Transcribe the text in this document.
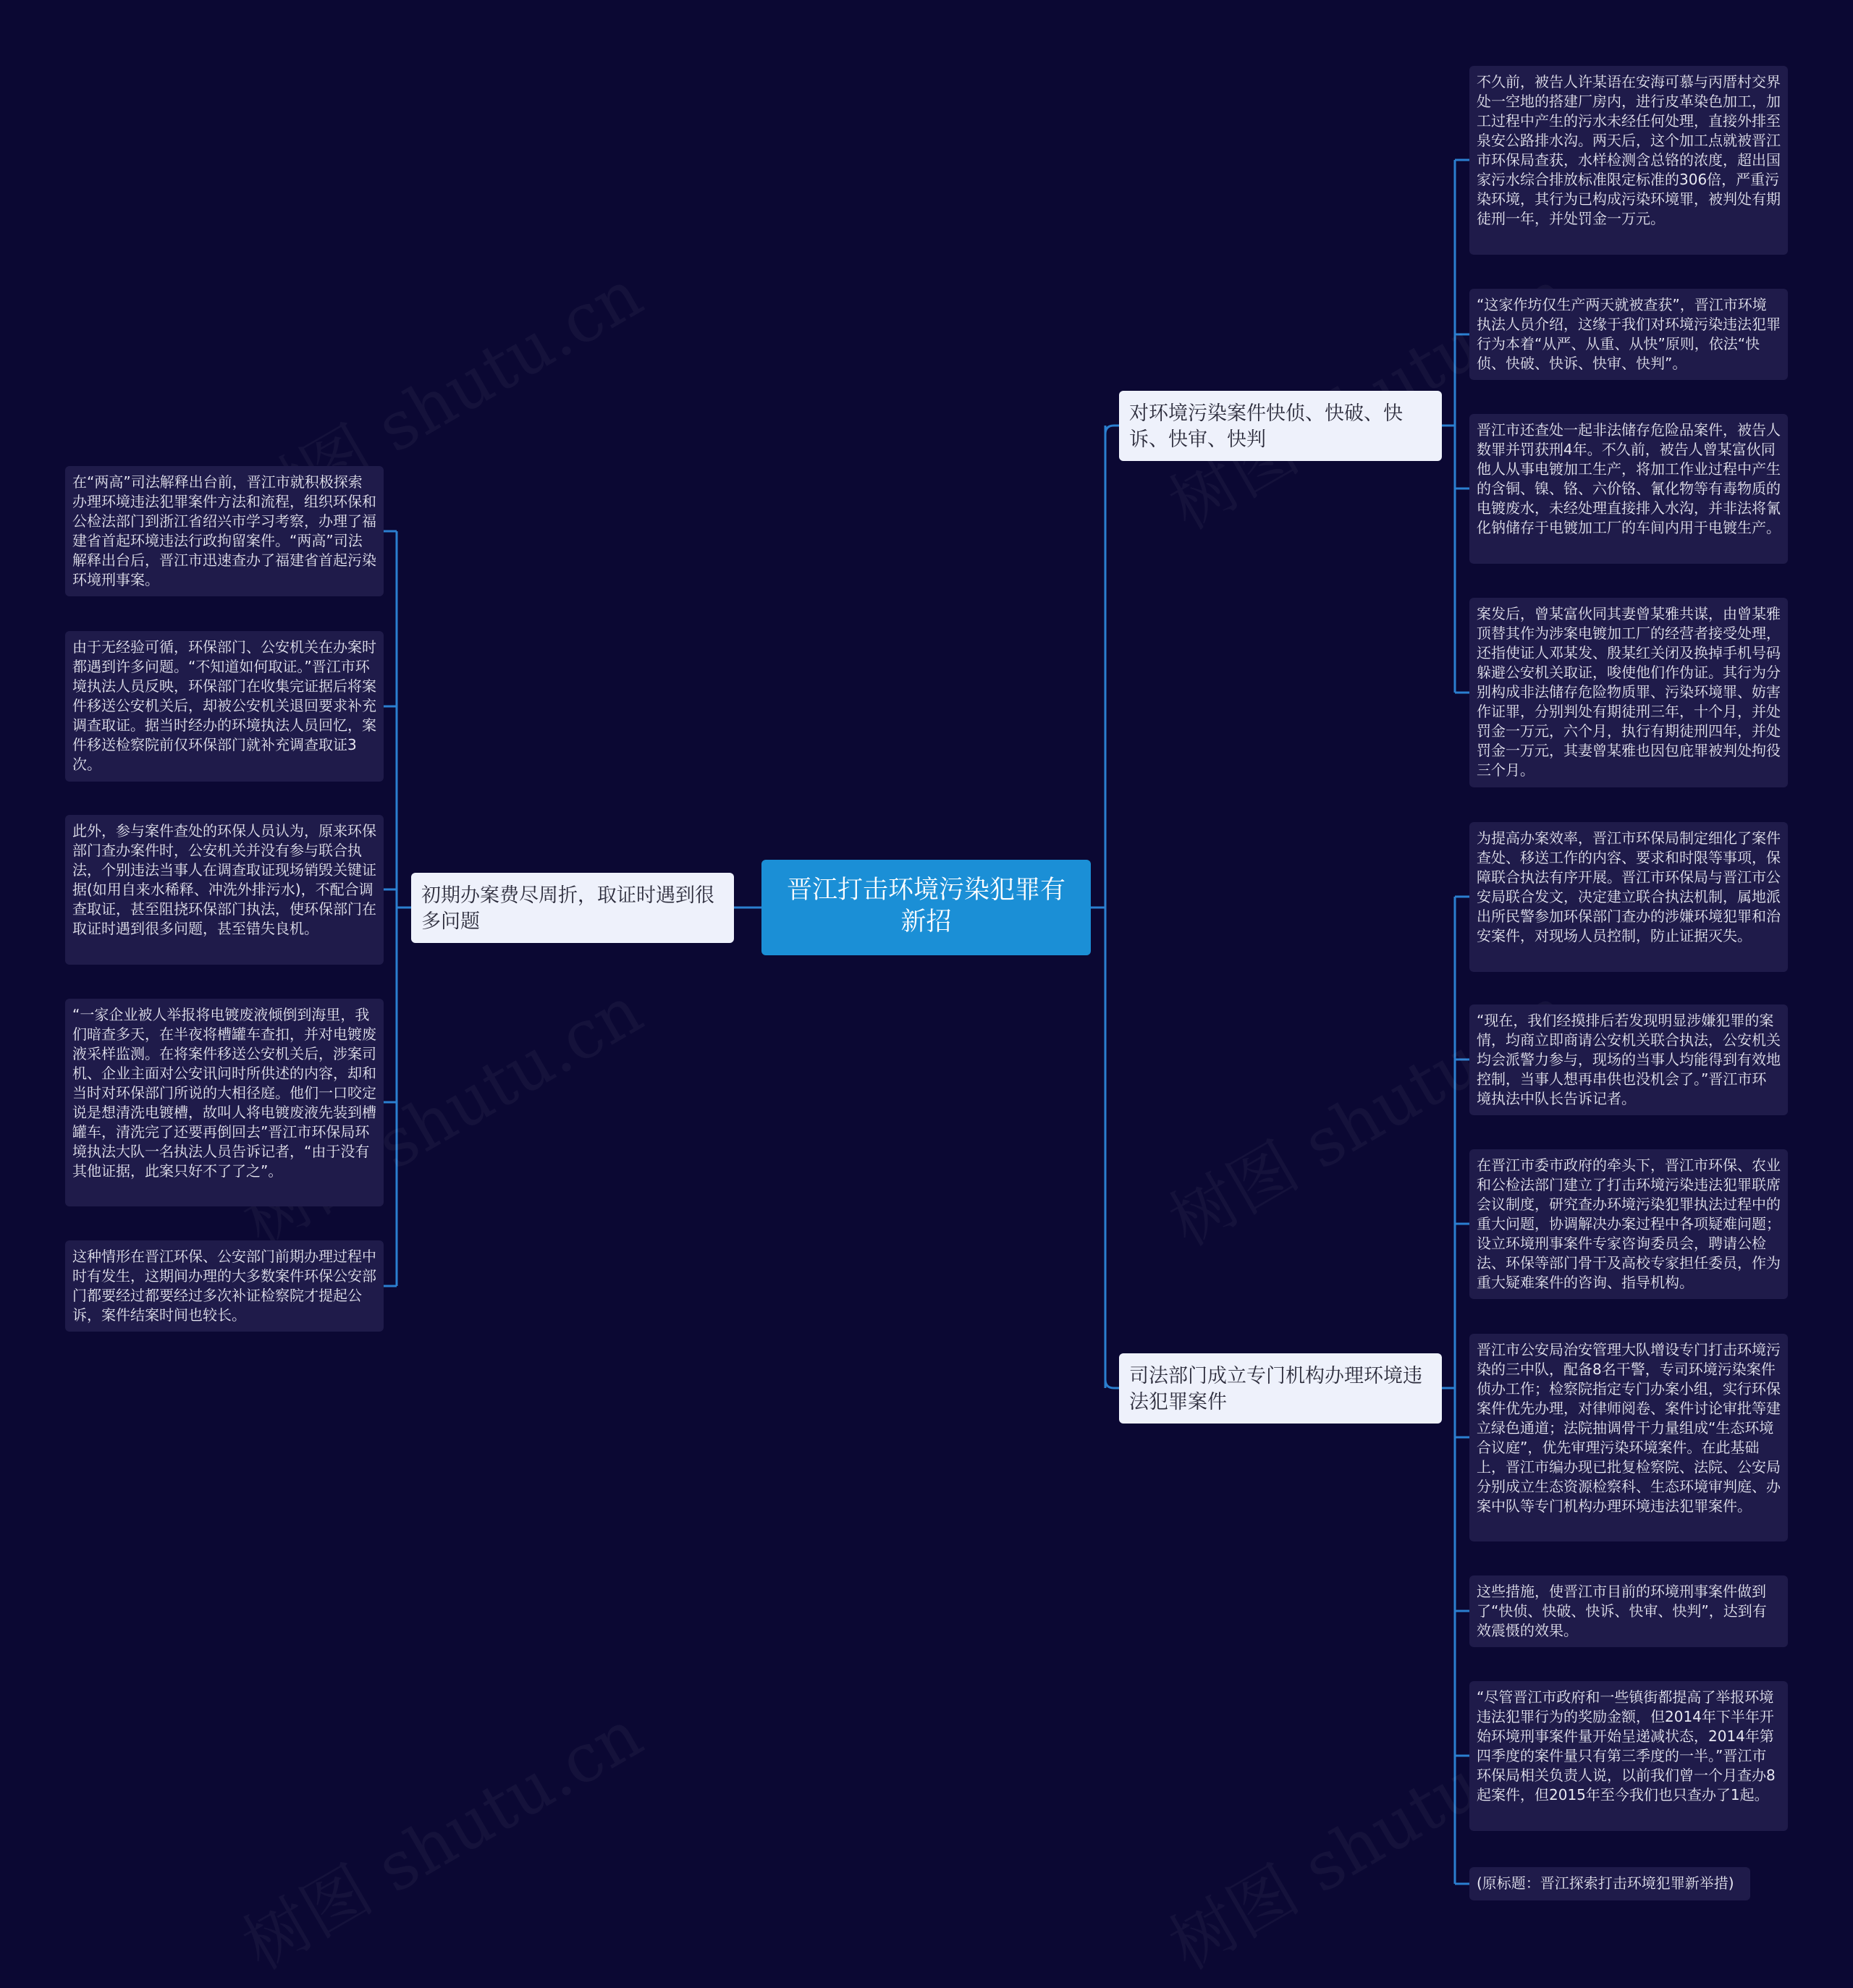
晋江打击环境污染犯罪有新招
对环境污染案件快侦、快破、快诉、快审、快判
不久前，被告人许某语在安海可慕与丙厝村交界处一空地的搭建厂房内，进行皮革染色加工，加工过程中产生的污水未经任何处理，直接外排至泉安公路排水沟。两天后，这个加工点就被晋江市环保局查获，水样检测含总铬的浓度，超出国家污水综合排放标准限定标准的306倍，严重污染环境，其行为已构成污染环境罪，被判处有期徒刑一年，并处罚金一万元。
“这家作坊仅生产两天就被查获”，晋江市环境执法人员介绍，这缘于我们对环境污染违法犯罪行为本着“从严、从重、从快”原则，依法“快侦、快破、快诉、快审、快判”。
晋江市还查处一起非法储存危险品案件，被告人数罪并罚获刑4年。不久前，被告人曾某富伙同他人从事电镀加工生产，将加工作业过程中产生的含铜、镍、铬、六价铬、氰化物等有毒物质的电镀废水，未经处理直接排入水沟，并非法将氰化钠储存于电镀加工厂的车间内用于电镀生产。
案发后，曾某富伙同其妻曾某雅共谋，由曾某雅顶替其作为涉案电镀加工厂的经营者接受处理，还指使证人邓某发、殷某红关闭及换掉手机号码躲避公安机关取证，唆使他们作伪证。其行为分别构成非法储存危险物质罪、污染环境罪、妨害作证罪，分别判处有期徒刑三年，十个月，并处罚金一万元，六个月，执行有期徒刑四年，并处罚金一万元，其妻曾某雅也因包庇罪被判处拘役三个月。
初期办案费尽周折，取证时遇到很多问题
在“两高”司法解释出台前，晋江市就积极探索办理环境违法犯罪案件方法和流程，组织环保和公检法部门到浙江省绍兴市学习考察，办理了福建省首起环境违法行政拘留案件。“两高”司法解释出台后，晋江市迅速查办了福建省首起污染环境刑事案。
由于无经验可循，环保部门、公安机关在办案时都遇到许多问题。“不知道如何取证。”晋江市环境执法人员反映，环保部门在收集完证据后将案件移送公安机关后，却被公安机关退回要求补充调查取证。据当时经办的环境执法人员回忆，案件移送检察院前仅环保部门就补充调查取证3次。
此外，参与案件查处的环保人员认为，原来环保部门查办案件时，公安机关并没有参与联合执法，个别违法当事人在调查取证现场销毁关键证据(如用自来水稀释、冲洗外排污水)，不配合调查取证，甚至阻挠环保部门执法，使环保部门在取证时遇到很多问题，甚至错失良机。
“一家企业被人举报将电镀废液倾倒到海里，我们暗查多天，在半夜将槽罐车查扣，并对电镀废液采样监测。在将案件移送公安机关后，涉案司机、企业主面对公安讯问时所供述的内容，却和当时对环保部门所说的大相径庭。他们一口咬定说是想清洗电镀槽，故叫人将电镀废液先装到槽罐车，清洗完了还要再倒回去”晋江市环保局环境执法大队一名执法人员告诉记者，“由于没有其他证据，此案只好不了了之”。
这种情形在晋江环保、公安部门前期办理过程中时有发生，这期间办理的大多数案件环保公安部门都要经过都要经过多次补证检察院才提起公诉，案件结案时间也较长。
司法部门成立专门机构办理环境违法犯罪案件
为提高办案效率，晋江市环保局制定细化了案件查处、移送工作的内容、要求和时限等事项，保障联合执法有序开展。晋江市环保局与晋江市公安局联合发文，决定建立联合执法机制，属地派出所民警参加环保部门查办的涉嫌环境犯罪和治安案件，对现场人员控制，防止证据灭失。
“现在，我们经摸排后若发现明显涉嫌犯罪的案情，均商立即商请公安机关联合执法，公安机关均会派警力参与，现场的当事人均能得到有效地控制，当事人想再串供也没机会了。”晋江市环境执法中队长告诉记者。
在晋江市委市政府的牵头下，晋江市环保、农业和公检法部门建立了打击环境污染违法犯罪联席会议制度，研究查办环境污染犯罪执法过程中的重大问题，协调解决办案过程中各项疑难问题；设立环境刑事案件专家咨询委员会，聘请公检法、环保等部门骨干及高校专家担任委员，作为重大疑难案件的咨询、指导机构。
晋江市公安局治安管理大队增设专门打击环境污染的三中队，配备8名干警，专司环境污染案件侦办工作；检察院指定专门办案小组，实行环保案件优先办理，对律师阅卷、案件讨论审批等建立绿色通道；法院抽调骨干力量组成“生态环境合议庭”，优先审理污染环境案件。在此基础上，晋江市编办现已批复检察院、法院、公安局分别成立生态资源检察科、生态环境审判庭、办案中队等专门机构办理环境违法犯罪案件。
这些措施，使晋江市目前的环境刑事案件做到了“快侦、快破、快诉、快审、快判”，达到有效震慑的效果。
“尽管晋江市政府和一些镇街都提高了举报环境违法犯罪行为的奖励金额，但2014年下半年开始环境刑事案件量开始呈递减状态，2014年第四季度的案件量只有第三季度的一半。”晋江市环保局相关负责人说，以前我们曾一个月查办8起案件，但2015年至今我们也只查办了1起。
(原标题：晋江探索打击环境犯罪新举措)
